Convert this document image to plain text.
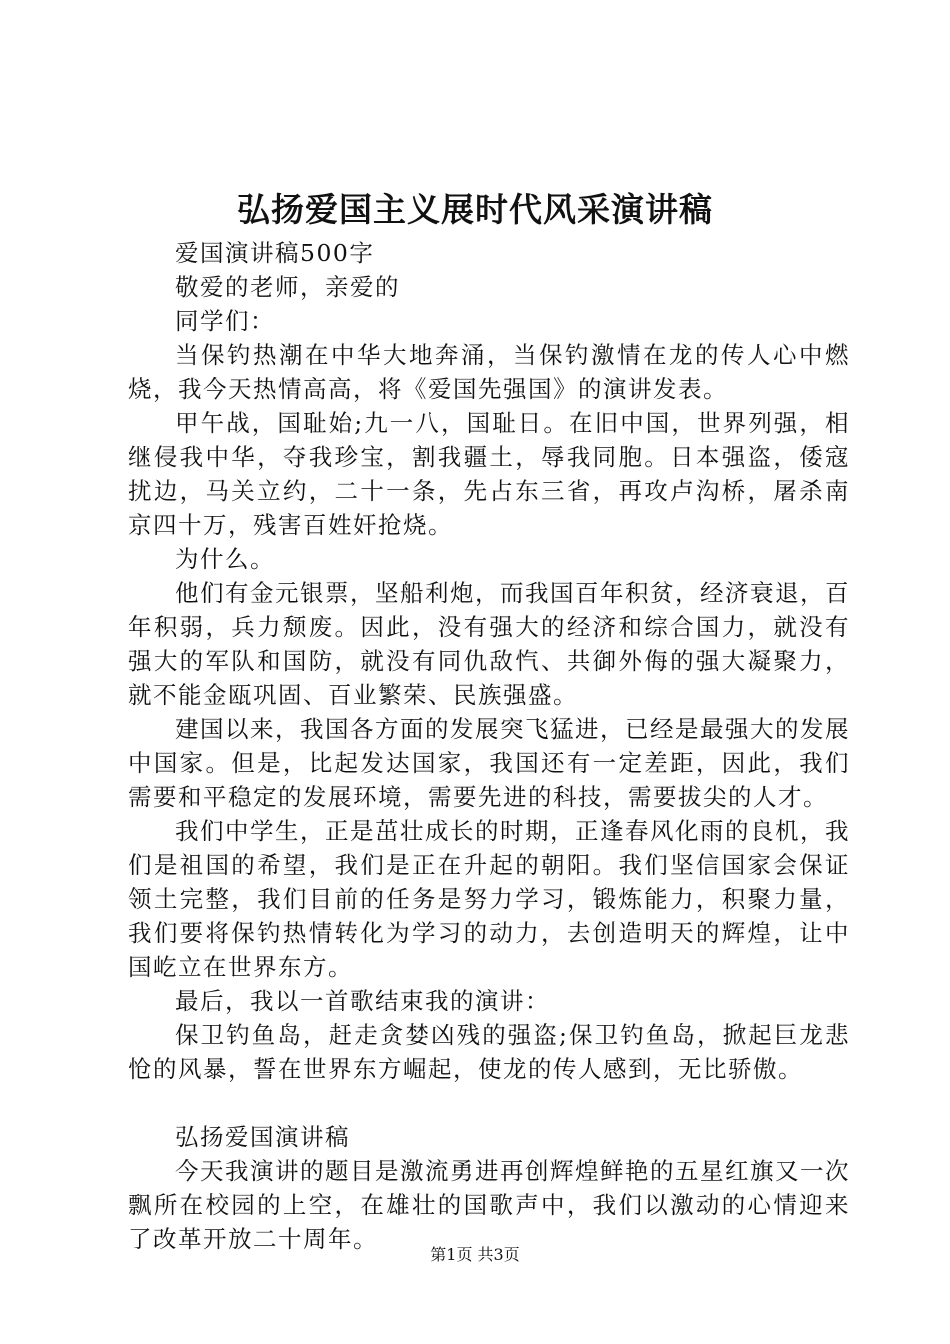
弘扬爱国主义展时代风采演讲稿

爱国演讲稿500字

敬爱的老师，亲爱的

同学们：

当保钓热潮在中华大地奔涌，当保钓激情在龙的传人心中燃烧，我今天热情高高，将《爱国先强国》的演讲发表。

甲午战，国耻始;九一八，国耻日。在旧中国，世界列强，相继侵我中华，夺我珍宝，割我疆土，辱我同胞。日本强盗，倭寇扰边，马关立约，二十一条，先占东三省，再攻卢沟桥，屠杀南京四十万，残害百姓奸抢烧。

为什么。

他们有金元银票，坚船利炮，而我国百年积贫，经济衰退，百年积弱，兵力颓废。因此，没有强大的经济和综合国力，就没有强大的军队和国防，就没有同仇敌忾、共御外侮的强大凝聚力，就不能金瓯巩固、百业繁荣、民族强盛。

建国以来，我国各方面的发展突飞猛进，已经是最强大的发展中国家。但是，比起发达国家，我国还有一定差距，因此，我们需要和平稳定的发展环境，需要先进的科技，需要拔尖的人才。

我们中学生，正是茁壮成长的时期，正逢春风化雨的良机，我们是祖国的希望，我们是正在升起的朝阳。我们坚信国家会保证领土完整，我们目前的任务是努力学习，锻炼能力，积聚力量，我们要将保钓热情转化为学习的动力，去创造明天的辉煌，让中国屹立在世界东方。

最后，我以一首歌结束我的演讲：

保卫钓鱼岛，赶走贪婪凶残的强盗;保卫钓鱼岛，掀起巨龙悲怆的风暴，誓在世界东方崛起，使龙的传人感到，无比骄傲。

弘扬爱国演讲稿

今天我演讲的题目是激流勇进再创辉煌鲜艳的五星红旗又一次飘所在校园的上空，在雄壮的国歌声中，我们以激动的心情迎来了改革开放二十周年。

第1页 共3页
